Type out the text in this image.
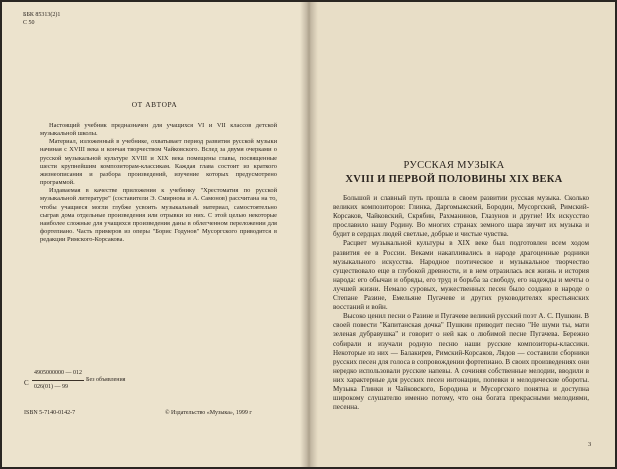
ББК 85313(2)1
С 50
ОТ АВТОРА

Настоящий учебник предназначен для учащихся VI и VII классов детской музыкальной школы.

Материал, изложенный в учебнике, охватывает период развития русской музыки начиная с XVIII века и кончая творчеством Чайковского. Вслед за двумя очерками о русской музыкальной культуре XVIII и XIX века помещены главы, посвященные шести крупнейшим композиторам-классикам. Каждая глава состоит из краткого жизнеописания и разбора произведений, изучение которых предусмотрено программой.

Издаваемая в качестве приложения к учебнику "Хрестоматия по русской музыкальной литературе" (составители Э. Смирнова и А. Самонов) рассчитана на то, чтобы учащиеся могли глубже усвоить музыкальный материал, самостоятельно сыграв дома отдельные произведения или отрывки из них. С этой целью некоторые наиболее сложные для учащихся произведения даны в облегченном переложении для фортепиано. Часть примеров из оперы "Борис Годунов" Мусоргского приводится в редакции Римского-Корсакова.

С
4905000000 — 012
Без объявления
026(01) — 99
ISBN 5-7140-0142-7	© Издательство «Музыка», 1999 г
РУССКАЯ МУЗЫКА
XVIII И ПЕРВОЙ ПОЛОВИНЫ XIX ВЕКА

Большой и славный путь прошла в своем развитии русская музыка. Сколько великих композиторов: Глинка, Даргомыжский, Бородин, Мусоргский, Римский-Корсаков, Чайковский, Скрябин, Рахманинов, Глазунов и другие! Их искусство прославило нашу Родину. Во многих странах земного шара звучит их музыка и будит в сердцах людей светлые, добрые и чистые чувства.

Расцвет музыкальной культуры в XIX веке был подготовлен всем ходом развития ее в России. Веками накапливались в народе драгоценные родники музыкального искусства. Народное поэтическое и музыкальное творчество существовало еще в глубокой древности, и в нем отразилась вся жизнь и история народа: его обычаи и обряды, его труд и борьба за свободу, его надежды и мечты о лучшей жизни. Немало суровых, мужественных песен было создано в народе о Степане Разине, Емельяне Пугачеве и других руководителях крестьянских восстаний и войн.

Высоко ценил песни о Разине и Пугачеве великий русский поэт А. С. Пушкин. В своей повести "Капитанская дочка" Пушкин приводит песню "Не шуми ты, мати зеленая дубравушка" и говорит о ней как о любимой песне Пугачева. Бережно собирали и изучали родную песню наши русские композиторы-классики. Некоторые из них — Балакирев, Римский-Корсаков, Лядов — составили сборники русских песен для голоса в сопровождении фортепиано. В своих произведениях они нередко использовали русские напевы. А сочиняя собственные мелодии, вводили в них характерные для русских песен интонации, попевки и мелодические обороты. Музыка Глинки и Чайковского, Бородина и Мусоргского понятна и доступна широкому слушателю именно потому, что она богата прекрасными мелодиями, песенна.

3
